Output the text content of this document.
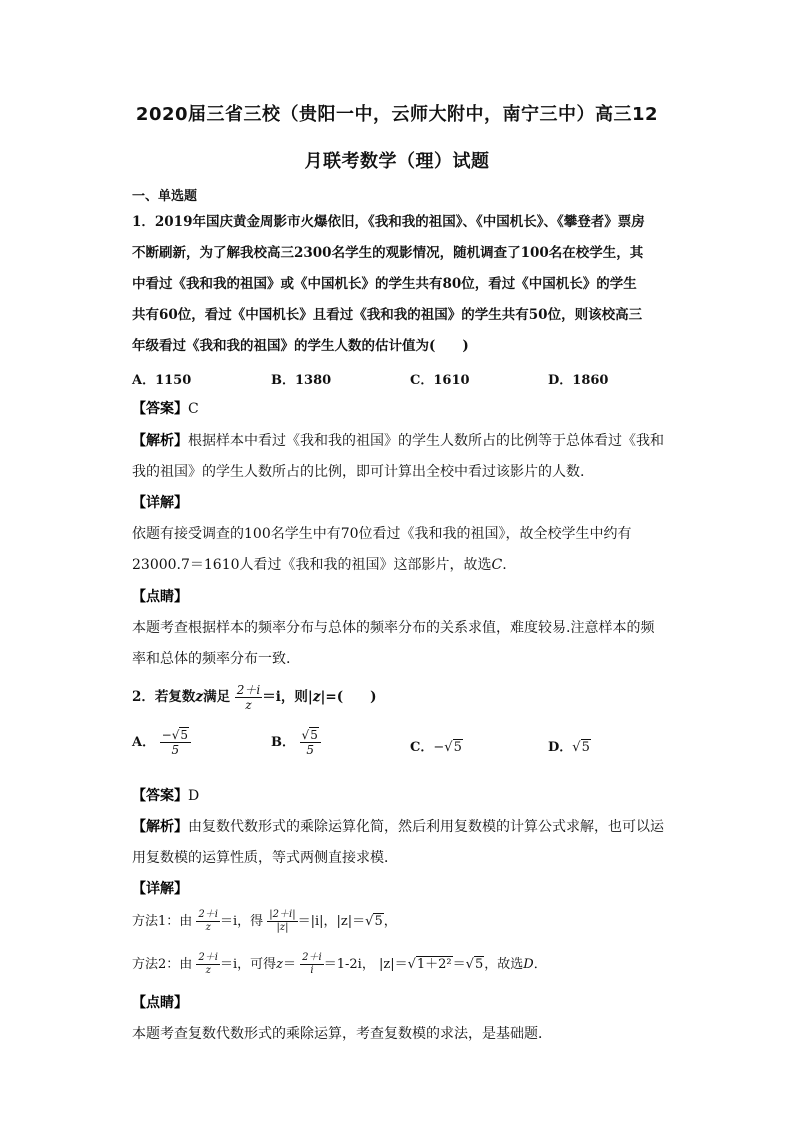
2020届三省三校（贵阳一中，云师大附中，南宁三中）高三12
月联考数学（理）试题
一、单选题
1．2019年国庆黄金周影市火爆依旧，《我和我的祖国》、《中国机长》、《攀登者》票房
不断刷新，为了解我校高三2300名学生的观影情况，随机调查了100名在校学生，其
中看过《我和我的祖国》或《中国机长》的学生共有80位，看过《中国机长》的学生
共有60位，看过《中国机长》且看过《我和我的祖国》的学生共有50位，则该校高三
年级看过《我和我的祖国》的学生人数的估计值为(　　)
A．1150	B．1380	C．1610	D．1860
【答案】C
【解析】根据样本中看过《我和我的祖国》的学生人数所占的比例等于总体看过《我和
我的祖国》的学生人数所占的比例，即可计算出全校中看过该影片的人数.
【详解】
依题有接受调查的100名学生中有70位看过《我和我的祖国》，故全校学生中约有
23000.7＝1610人看过《我和我的祖国》这部影片，故选C.
【点睛】
本题考查根据样本的频率分布与总体的频率分布的关系求值，难度较易.注意样本的频
率和总体的频率分布一致.
2．若复数z满足 $\frac{2+i}{z} =i$，则|z|=(　　)
A． $\frac{-√5}{5}$	B． $\frac{√5}{5}$	C．−√5	D．√5
【答案】D
【解析】由复数代数形式的乘除运算化简，然后利用复数模的计算公式求解，也可以运
用复数模的运算性质，等式两侧直接求模．
【详解】
方法1：由 $\frac{2+i}{z} =i$，得 $\frac{|2+i|}{|z|} =|i|$，|z|＝√5，
方法2：由 $\frac{2+i}{z} =i$，可得$z= \frac{2+i}{i} =1-2i$， |z|＝√1＋2²＝√5，故选D．
【点睛】
本题考查复数代数形式的乘除运算，考查复数模的求法，是基础题．
